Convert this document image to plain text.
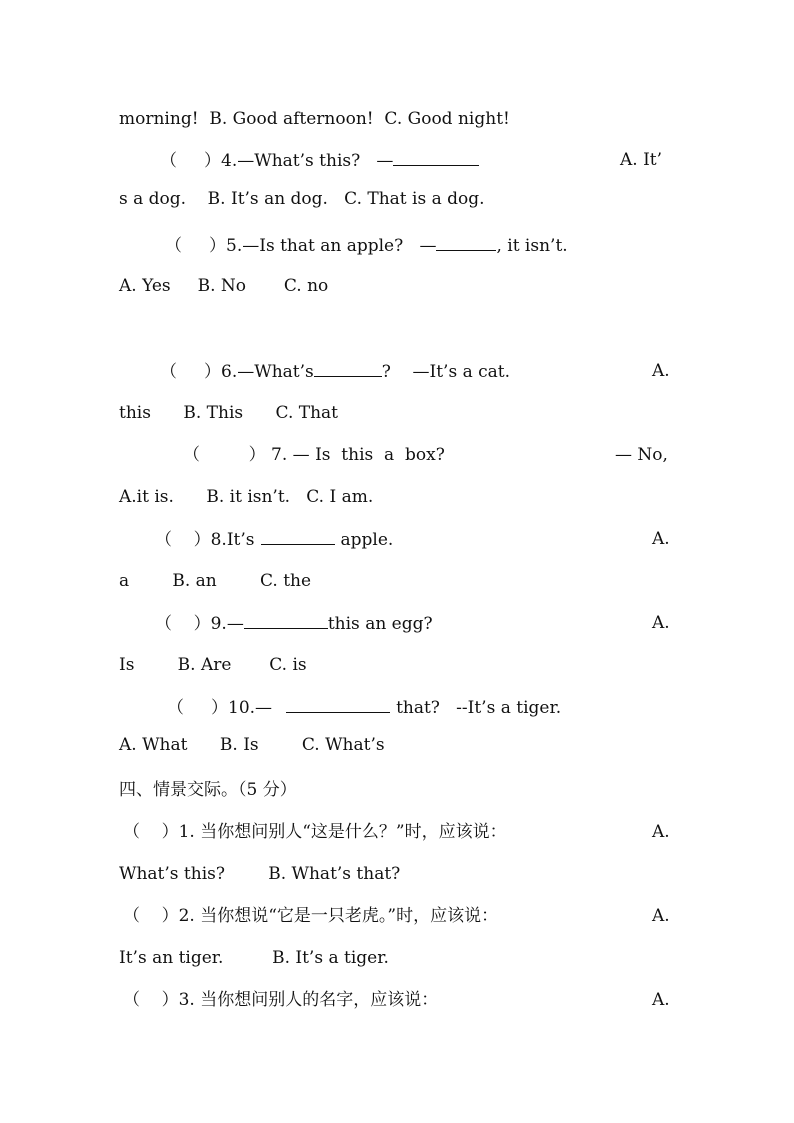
morning!  B. Good afternoon!  C. Good night!
（     ）4.—What’s this?   —	A. It’
s a dog.    B. It’s an dog.   C. That is a dog.
（     ）5.—Is that an apple?   —	, it isn’t.
A. Yes     B. No       C. no
（     ）6.—What’s	?    —It’s a cat.	A.
this      B. This      C. That
（         ） 7. — Is  this  a  box?	— No,
A.it is.      B. it isn’t.   C. I am.
（    ）8.It’s	apple.	A.
a        B. an        C. the
（    ）9.—	this an egg?	A.
Is        B. Are       C. is
（     ）10.—	that?   --It’s a tiger.
A. What      B. Is        C. What’s
四、情景交际。（5 分）
（    ）1. 当你想问别人“这是什么？”时，应该说：	A.
What’s this?        B. What’s that?
（    ）2. 当你想说“它是一只老虎。”时，应该说：	A.
It’s an tiger.         B. It’s a tiger.
（    ）3. 当你想问别人的名字，应该说：	A.
